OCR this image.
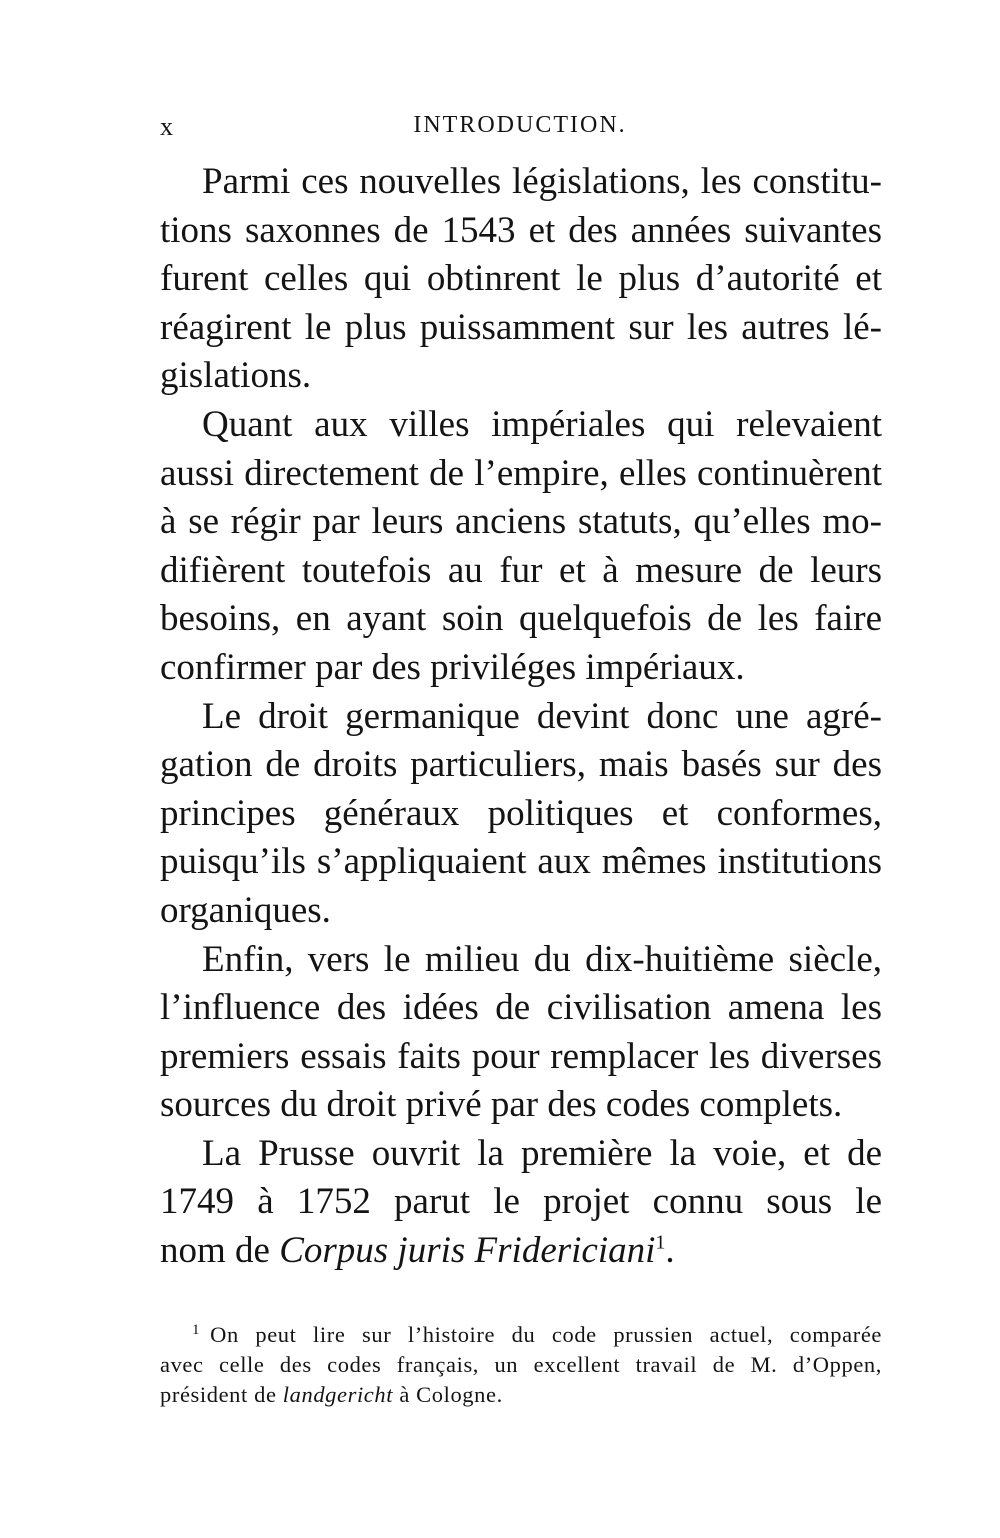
x	INTRODUCTION.

Parmi ces nouvelles législations, les constitu-
tions saxonnes de 1543 et des années suivantes
furent celles qui obtinrent le plus d’autorité et
réagirent le plus puissamment sur les autres lé-
gislations.

Quant aux villes impériales qui relevaient
aussi directement de l’empire, elles continuèrent
à se régir par leurs anciens statuts, qu’elles mo-
difièrent toutefois au fur et à mesure de leurs
besoins, en ayant soin quelquefois de les faire
confirmer par des priviléges impériaux.

Le droit germanique devint donc une agré-
gation de droits particuliers, mais basés sur des
principes généraux politiques et conformes,
puisqu’ils s’appliquaient aux mêmes institutions
organiques.

Enfin, vers le milieu du dix-huitième siècle,
l’influence des idées de civilisation amena les
premiers essais faits pour remplacer les diverses
sources du droit privé par des codes complets.

La Prusse ouvrit la première la voie, et de
1749 à 1752 parut le projet connu sous le
nom de Corpus juris Fridericiani$^1$.

$^1$ On peut lire sur l’histoire du code prussien actuel, comparée
avec celle des codes français, un excellent travail de M. d’Oppen,
président de landgericht à Cologne.
